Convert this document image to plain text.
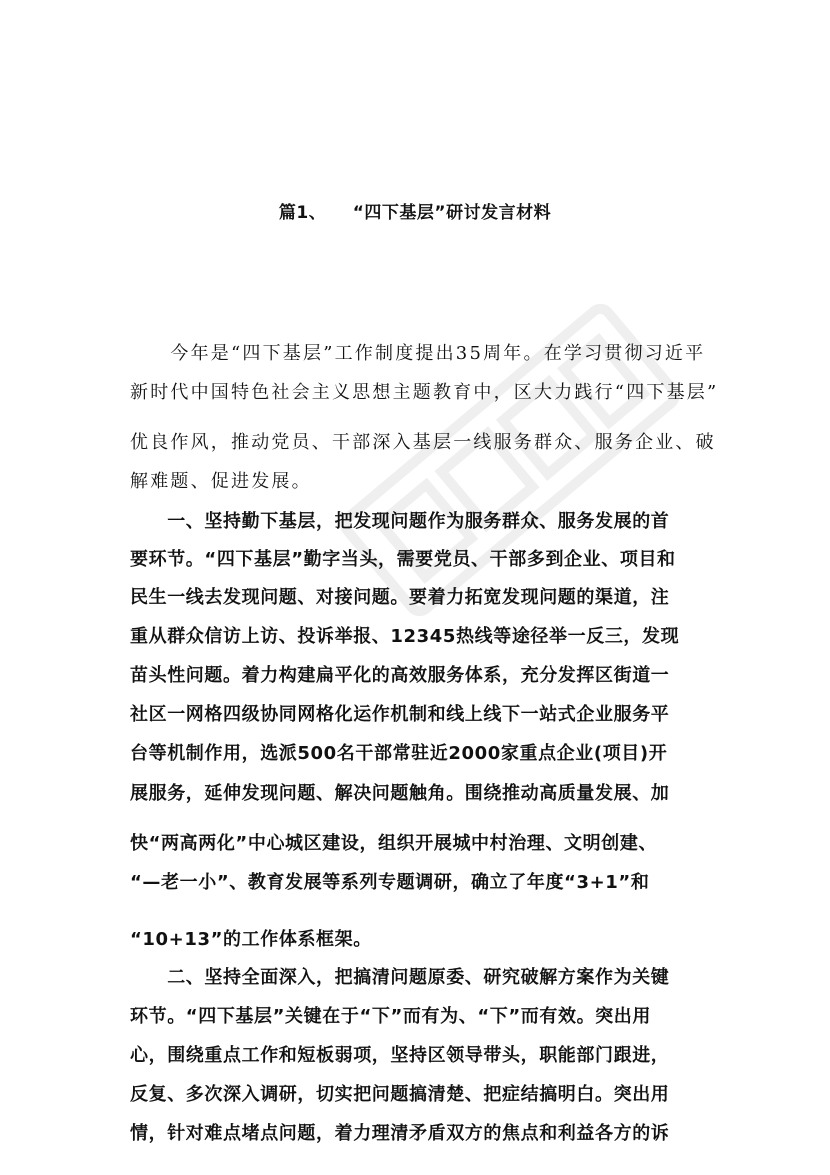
篇1、　　“四下基层”研讨发言材料
　　今年是“四下基层”工作制度提出35周年。在学习贯彻习近平
新时代中国特色社会主义思想主题教育中，区大力践行“四下基层”
优良作风，推动党员、干部深入基层一线服务群众、服务企业、破
解难题、促进发展。
　　一、坚持勤下基层，把发现问题作为服务群众、服务发展的首
要环节。“四下基层”勤字当头，需要党员、干部多到企业、项目和
民生一线去发现问题、对接问题。要着力拓宽发现问题的渠道，注
重从群众信访上访、投诉举报、12345热线等途径举一反三，发现
苗头性问题。着力构建扁平化的高效服务体系，充分发挥区街道一
社区一网格四级协同网格化运作机制和线上线下一站式企业服务平
台等机制作用，选派500名干部常驻近2000家重点企业(项目)开
展服务，延伸发现问题、解决问题触角。围绕推动高质量发展、加
快“两高两化”中心城区建设，组织开展城中村治理、文明创建、
“—老一小”、教育发展等系列专题调研，确立了年度“3+1”和
“10+13”的工作体系框架。
　　二、坚持全面深入，把搞清问题原委、研究破解方案作为关键
环节。“四下基层”关键在于“下”而有为、“下”而有效。突出用
心，围绕重点工作和短板弱项，坚持区领导带头，职能部门跟进，
反复、多次深入调研，切实把问题搞清楚、把症结搞明白。突出用
情，针对难点堵点问题，着力理清矛盾双方的焦点和利益各方的诉
